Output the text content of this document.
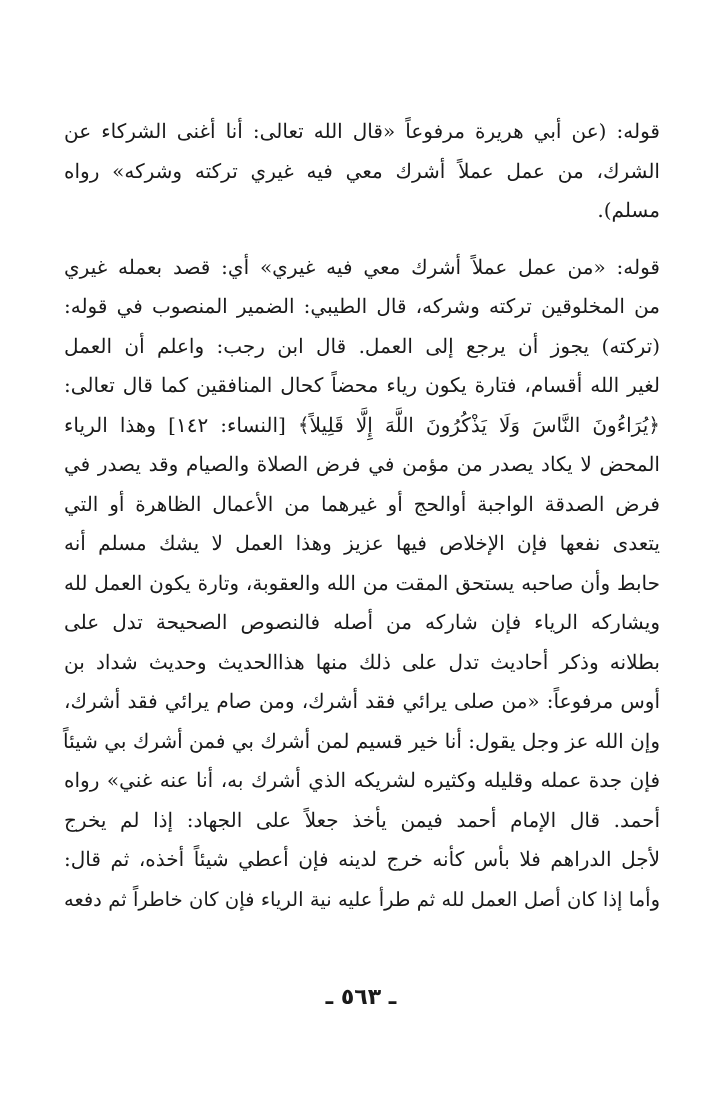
قوله: (عن أبي هريرة مرفوعاً «قال الله تعالى: أنا أغنى الشركاء عن
الشرك، من عمل عملاً أشرك معي فيه غيري تركته وشركه» رواه
مسلم).
قوله: «من عمل عملاً أشرك معي فيه غيري» أي: قصد بعمله غيري
من المخلوقين تركته وشركه، قال الطيبي: الضمير المنصوب في قوله:
(تركته) يجوز أن يرجع إلى العمل. قال ابن رجب: واعلم أن العمل
لغير الله أقسام، فتارة يكون رياء محضاً كحال المنافقين كما قال تعالى:
﴿يُرَاءُونَ النَّاسَ وَلَا يَذْكُرُونَ اللَّهَ إِلَّا قَلِيلاً﴾ [النساء: ١٤٢] وهذا الرياء
المحض لا يكاد يصدر من مؤمن في فرض الصلاة والصيام وقد يصدر في
فرض الصدقة الواجبة أوالحج أو غيرهما من الأعمال الظاهرة أو التي
يتعدى نفعها فإن الإخلاص فيها عزيز وهذا العمل لا يشك مسلم أنه
حابط وأن صاحبه يستحق المقت من الله والعقوبة، وتارة يكون العمل لله
ويشاركه الرياء فإن شاركه من أصله فالنصوص الصحيحة تدل على
بطلانه وذكر أحاديث تدل على ذلك منها هذاالحديث وحديث شداد بن
أوس مرفوعاً: «من صلى يرائي فقد أشرك، ومن صام يرائي فقد أشرك،
وإن الله عز وجل يقول: أنا خير قسيم لمن أشرك بي فمن أشرك بي شيئاً
فإن جدة عمله وقليله وكثيره لشريكه الذي أشرك به، أنا عنه غني» رواه
أحمد. قال الإمام أحمد فيمن يأخذ جعلاً على الجهاد: إذا لم يخرج
لأجل الدراهم فلا بأس كأنه خرج لدينه فإن أعطي شيئاً أخذه، ثم قال:
وأما إذا كان أصل العمل لله ثم طرأ عليه نية الرياء فإن كان خاطراً ثم دفعه
ـ ٥٦٣ ـ
